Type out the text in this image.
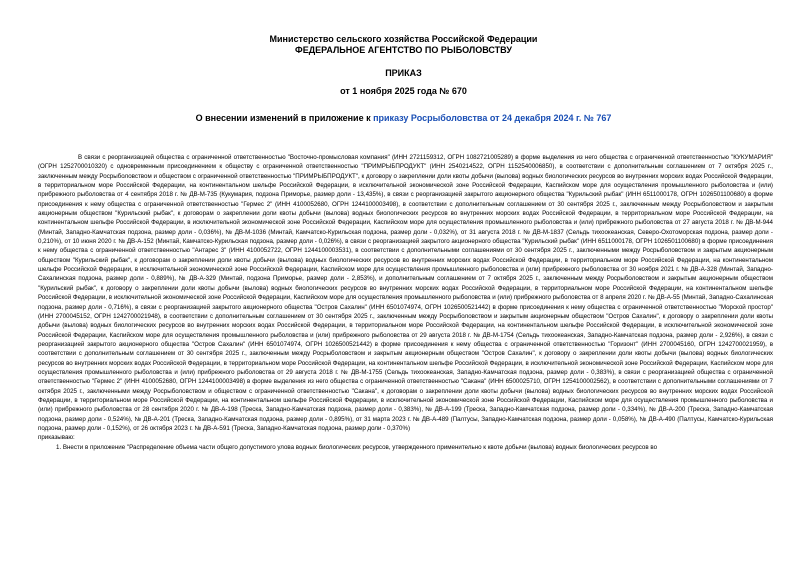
Министерство сельского хозяйства Российской Федерации
ФЕДЕРАЛЬНОЕ АГЕНТСТВО ПО РЫБОЛОВСТВУ
ПРИКАЗ
от 1 ноября 2025 года № 670
О внесении изменений в приложение к приказу Росрыболовства от 24 декабря 2024 г. № 767

В связи с реорганизацией общества с ограниченной ответственностью "Восточно-промысловая компания" (ИНН 2721159312, ОГРН 1082721005289) в форме выделения из него общества с ограниченной ответственностью "КУКУМАРИЯ" (ОГРН 1252700010320) с одновременным присоединением к обществу с ограниченной ответственностью "ПРИМРЫБПРОДУКТ" (ИНН 2540214522, ОГРН 1152540006850), в соответствии с дополнительным соглашением от 7 октября 2025 г., заключенным между Росрыболовством и обществом с ограниченной ответственностью "ПРИМРЫБПРОДУКТ", к договору о закреплении доли квоты добычи (вылова) водных биологических ресурсов во внутренних морских водах Российской Федерации, в территориальном море Российской Федерации, на континентальном шельфе Российской Федерации, в исключительной экономической зоне Российской Федерации, Каспийском море для осуществления промышленного рыболовства и (или) прибрежного рыболовства от 4 сентября 2018 г. № ДВ-М-735 (Кукумария, подзона Приморье, размер доли - 13,435%), в связи с реорганизацией закрытого акционерного общества "Курильский рыбак" (ИНН 6511000178, ОГРН 1026501100680) в форме присоединения к нему общества с ограниченной ответственностью "Гермес 2" (ИНН 4100052680, ОГРН 1244100003498), в соответствии с дополнительным соглашением от 30 сентября 2025 г., заключенным между Росрыболовством и закрытым акционерным обществом "Курильский рыбак", к договорам о закреплении доли квоты добычи (вылова) водных биологических ресурсов во внутренних морских водах Российской Федерации, в территориальном море Российской Федерации, на континентальном шельфе Российской Федерации, в исключительной экономической зоне Российской Федерации, Каспийском море для осуществления промышленного рыболовства и (или) прибрежного рыболовства от 27 августа 2018 г. № ДВ-М-944 (Минтай, Западно-Камчатская подзона, размер доли - 0,036%), № ДВ-М-1036 (Минтай, Камчатско-Курильская подзона, размер доли - 0,032%), от 31 августа 2018 г. № ДВ-М-1837 (Сельдь тихоокеанская, Северо-Охотоморская подзона, размер доли - 0,210%), от 10 июня 2020 г. № ДВ-А-152 (Минтай, Камчатско-Курильская подзона, размер доли - 0,026%), в связи с реорганизацией закрытого акционерного общества "Курильский рыбак" (ИНН 6511000178, ОГРН 1026501100680) в форме присоединения к нему общества с ограниченной ответственностью "Антарес 3" (ИНН 4100052722, ОГРН 1244100003531), в соответствии с дополнительными соглашениями от 30 сентября 2025 г., заключенными между Росрыболовством и закрытым акционерным обществом "Курильский рыбак", к договорам о закреплении доли квоты добычи (вылова) водных биологических ресурсов во внутренних морских водах Российской Федерации, в территориальном море Российской Федерации, на континентальном шельфе Российской Федерации, в исключительной экономической зоне Российской Федерации, Каспийском море для осуществления промышленного рыболовства и (или) прибрежного рыболовства от 30 ноября 2021 г. № ДВ-А-328 (Минтай, Западно-Сахалинская подзона, размер доли - 0,889%), № ДВ-А-329 (Минтай, подзона Приморье, размер доли - 2,853%), и дополнительным соглашением от 7 октября 2025 г., заключенным между Росрыболовством и закрытым акционерным обществом "Курильский рыбак", к договору о закреплении доли квоты добычи (вылова) водных биологических ресурсов во внутренних морских водах Российской Федерации, в территориальном море Российской Федерации, на континентальном шельфе Российской Федерации, в исключительной экономической зоне Российской Федерации, Каспийском море для осуществления промышленного рыболовства и (или) прибрежного рыболовства от 8 апреля 2020 г. № ДВ-А-55 (Минтай, Западно-Сахалинская подзона, размер доли - 0,716%), в связи с реорганизацией закрытого акционерного общества "Остров Сахалин" (ИНН 6501074974, ОГРН 1026500521442) в форме присоединения к нему общества с ограниченной ответственностью "Морской простор" (ИНН 2700045152, ОГРН 1242700021948), в соответствии с дополнительным соглашением от 30 сентября 2025 г., заключенным между Росрыболовством и закрытым акционерным обществом "Остров Сахалин", к договору о закреплении доли квоты добычи (вылова) водных биологических ресурсов во внутренних морских водах Российской Федерации, в территориальном море Российской Федерации, на континентальном шельфе Российской Федерации, в исключительной экономической зоне Российской Федерации, Каспийском море для осуществления промышленного рыболовства и (или) прибрежного рыболовства от 29 августа 2018 г. № ДВ-М-1754 (Сельдь тихоокеанская, Западно-Камчатская подзона, размер доли - 2,926%), в связи с реорганизацией закрытого акционерного общества "Остров Сахалин" (ИНН 6501074974, ОГРН 1026500521442) в форме присоединения к нему общества с ограниченной ответственностью "Горизонт" (ИНН 2700045160, ОГРН 1242700021959), в соответствии с дополнительным соглашением от 30 сентября 2025 г., заключенным между Росрыболовством и закрытым акционерным обществом "Остров Сахалин", к договору о закреплении доли квоты добычи (вылова) водных биологических ресурсов во внутренних морских водах Российской Федерации, в территориальном море Российской Федерации, на континентальном шельфе Российской Федерации, в исключительной экономической зоне Российской Федерации, Каспийском море для осуществления промышленного рыболовства и (или) прибрежного рыболовства от 29 августа 2018 г. № ДВ-М-1755 (Сельдь тихоокеанская, Западно-Камчатская подзона, размер доли - 0,383%), в связи с реорганизацией общества с ограниченной ответственностью "Гермес 2" (ИНН 4100052680, ОГРН 1244100003498) в форме выделения из него общества с ограниченной ответственностью "Сакана" (ИНН 6500025710, ОГРН 1254100002562), в соответствии с дополнительными соглашениями от 7 октября 2025 г., заключенными между Росрыболовством и обществом с ограниченной ответственностью "Сакана", к договорам о закреплении доли квоты добычи (вылова) водных биологических ресурсов во внутренних морских водах Российской Федерации, в территориальном море Российской Федерации, на континентальном шельфе Российской Федерации, в исключительной экономической зоне Российской Федерации, Каспийском море для осуществления промышленного рыболовства и (или) прибрежного рыболовства от 28 сентября 2020 г. № ДВ-А-198 (Треска, Западно-Камчатская подзона, размер доли - 0,383%), № ДВ-А-199 (Треска, Западно-Камчатская подзона, размер доли - 0,334%), № ДВ-А-200 (Треска, Западно-Камчатская подзона, размер доли - 0,524%), № ДВ-А-201 (Треска, Западно-Камчатская подзона, размер доли - 0,895%), от 31 марта 2023 г. № ДВ-А-489 (Палтусы, Западно-Камчатская подзона, размер доли - 0,058%), № ДВ-А-490 (Палтусы, Камчатско-Курильская подзона, размер доли - 0,152%), от 26 октября 2023 г. № ДВ-А-591 (Треска, Западно-Камчатская подзона, размер доли - 0,370%)

приказываю:

1. Внести в приложение "Распределение объема части общего допустимого улова водных биологических ресурсов, утвержденного применительно к квоте добычи (вылова) водных биологических ресурсов во
